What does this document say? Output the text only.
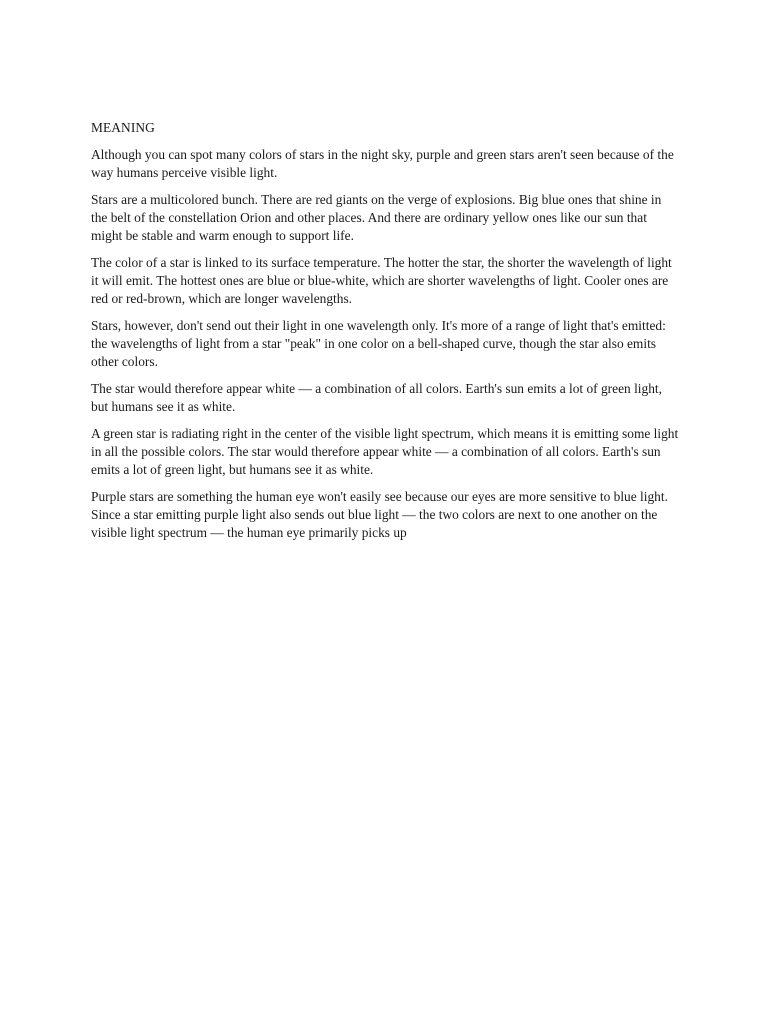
MEANING

Although you can spot many colors of stars in the night sky, purple and green stars aren't seen because of the way humans perceive visible light.

Stars are a multicolored bunch. There are red giants on the verge of explosions. Big blue ones that shine in the belt of the constellation Orion and other places. And there are ordinary yellow ones like our sun that might be stable and warm enough to support life.

The color of a star is linked to its surface temperature. The hotter the star, the shorter the wavelength of light it will emit. The hottest ones are blue or blue-white, which are shorter wavelengths of light. Cooler ones are red or red-brown, which are longer wavelengths.

Stars, however, don't send out their light in one wavelength only. It's more of a range of light that's emitted: the wavelengths of light from a star "peak" in one color on a bell-shaped curve, though the star also emits other colors.

The star would therefore appear white — a combination of all colors. Earth's sun emits a lot of green light, but humans see it as white.

A green star is radiating right in the center of the visible light spectrum, which means it is emitting some light in all the possible colors. The star would therefore appear white — a combination of all colors. Earth's sun emits a lot of green light, but humans see it as white.

Purple stars are something the human eye won't easily see because our eyes are more sensitive to blue light. Since a star emitting purple light also sends out blue light — the two colors are next to one another on the visible light spectrum — the human eye primarily picks up
